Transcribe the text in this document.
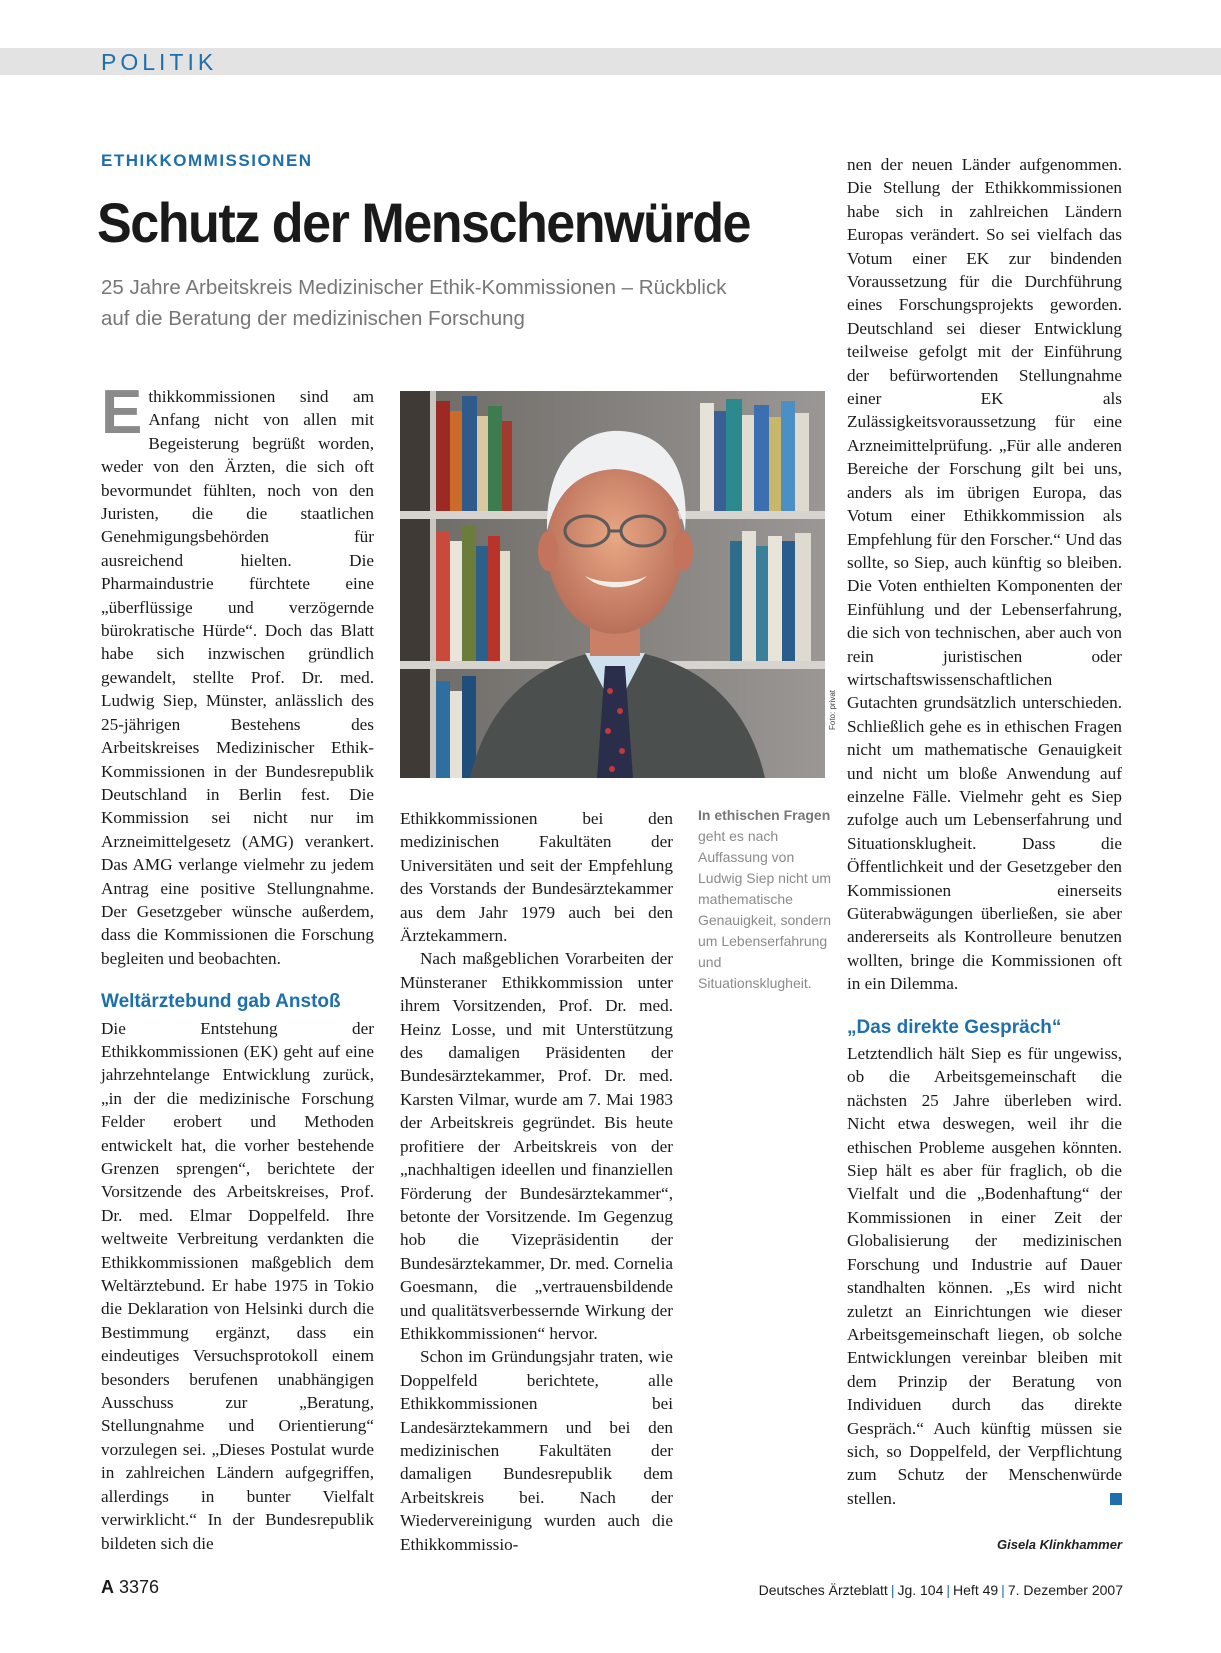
POLITIK
ETHIKKOMMISSIONEN
Schutz der Menschenwürde
25 Jahre Arbeitskreis Medizinischer Ethik-Kommissionen – Rückblick auf die Beratung der medizinischen Forschung

Ethikkommissionen sind am Anfang nicht von allen mit Begeisterung begrüßt worden, weder von den Ärzten, die sich oft bevormundet fühlten, noch von den Juristen, die die staatlichen Genehmigungsbehörden für ausreichend hielten. Die Pharmaindustrie fürchtete eine „überflüssige und verzögernde bürokratische Hürde“. Doch das Blatt habe sich inzwischen gründlich gewandelt, stellte Prof. Dr. med. Ludwig Siep, Münster, anlässlich des 25-jährigen Bestehens des Arbeitskreises Medizinischer Ethik-Kommissionen in der Bundesrepublik Deutschland in Berlin fest. Die Kommission sei nicht nur im Arzneimittelgesetz (AMG) verankert. Das AMG verlange vielmehr zu jedem Antrag eine positive Stellungnahme. Der Gesetzgeber wünsche außerdem, dass die Kommissionen die Forschung begleiten und beobachten.

Weltärztebund gab Anstoß

Die Entstehung der Ethikkommissionen (EK) geht auf eine jahrzehntelange Entwicklung zurück, „in der die medizinische Forschung Felder erobert und Methoden entwickelt hat, die vorher bestehende Grenzen sprengen“, berichtete der Vorsitzende des Arbeitskreises, Prof. Dr. med. Elmar Doppelfeld. Ihre weltweite Verbreitung verdankten die Ethikkommissionen maßgeblich dem Weltärztebund. Er habe 1975 in Tokio die Deklaration von Helsinki durch die Bestimmung ergänzt, dass ein eindeutiges Versuchsprotokoll einem besonders berufenen unabhängigen Ausschuss zur „Beratung, Stellungnahme und Orientierung“ vorzulegen sei. „Dieses Postulat wurde in zahlreichen Ländern aufgegriffen, allerdings in bunter Vielfalt verwirklicht.“ In der Bundesrepublik bildeten sich die

Foto: privat
In ethischen Fragen geht es nach Auffassung von Ludwig Siep nicht um mathematische Genauigkeit, sondern um Lebenserfahrung und Situationsklugheit.

Ethikkommissionen bei den medizinischen Fakultäten der Universitäten und seit der Empfehlung des Vorstands der Bundesärztekammer aus dem Jahr 1979 auch bei den Ärztekammern.

Nach maßgeblichen Vorarbeiten der Münsteraner Ethikkommission unter ihrem Vorsitzenden, Prof. Dr. med. Heinz Losse, und mit Unterstützung des damaligen Präsidenten der Bundesärztekammer, Prof. Dr. med. Karsten Vilmar, wurde am 7. Mai 1983 der Arbeitskreis gegründet. Bis heute profitiere der Arbeitskreis von der „nachhaltigen ideellen und finanziellen Förderung der Bundesärztekammer“, betonte der Vorsitzende. Im Gegenzug hob die Vizepräsidentin der Bundesärztekammer, Dr. med. Cornelia Goesmann, die „vertrauensbildende und qualitätsverbessernde Wirkung der Ethikkommissionen“ hervor.

Schon im Gründungsjahr traten, wie Doppelfeld berichtete, alle Ethikkommissionen bei Landesärztekammern und bei den medizinischen Fakultäten der damaligen Bundesrepublik dem Arbeitskreis bei. Nach der Wiedervereinigung wurden auch die Ethikkommissio-

nen der neuen Länder aufgenommen. Die Stellung der Ethikkommissionen habe sich in zahlreichen Ländern Europas verändert. So sei vielfach das Votum einer EK zur bindenden Voraussetzung für die Durchführung eines Forschungsprojekts geworden. Deutschland sei dieser Entwicklung teilweise gefolgt mit der Einführung der befürwortenden Stellungnahme einer EK als Zulässigkeitsvoraussetzung für eine Arzneimittelprüfung. „Für alle anderen Bereiche der Forschung gilt bei uns, anders als im übrigen Europa, das Votum einer Ethikkommission als Empfehlung für den Forscher.“ Und das sollte, so Siep, auch künftig so bleiben. Die Voten enthielten Komponenten der Einfühlung und der Lebenserfahrung, die sich von technischen, aber auch von rein juristischen oder wirtschaftswissenschaftlichen Gutachten grundsätzlich unterschieden. Schließlich gehe es in ethischen Fragen nicht um mathematische Genauigkeit und nicht um bloße Anwendung auf einzelne Fälle. Vielmehr geht es Siep zufolge auch um Lebenserfahrung und Situationsklugheit. Dass die Öffentlichkeit und der Gesetzgeber den Kommissionen einerseits Güterabwägungen überließen, sie aber andererseits als Kontrolleure benutzen wollten, bringe die Kommissionen oft in ein Dilemma.

„Das direkte Gespräch“

Letztendlich hält Siep es für ungewiss, ob die Arbeitsgemeinschaft die nächsten 25 Jahre überleben wird. Nicht etwa deswegen, weil ihr die ethischen Probleme ausgehen könnten. Siep hält es aber für fraglich, ob die Vielfalt und die „Bodenhaftung“ der Kommissionen in einer Zeit der Globalisierung der medizinischen Forschung und Industrie auf Dauer standhalten können. „Es wird nicht zuletzt an Einrichtungen wie dieser Arbeitsgemeinschaft liegen, ob solche Entwicklungen vereinbar bleiben mit dem Prinzip der Beratung von Individuen durch das direkte Gespräch.“ Auch künftig müssen sie sich, so Doppelfeld, der Verpflichtung zum Schutz der Menschenwürde stellen.

Gisela Klinkhammer
A 3376	Deutsches Ärzteblatt | Jg. 104 | Heft 49 | 7. Dezember 2007
